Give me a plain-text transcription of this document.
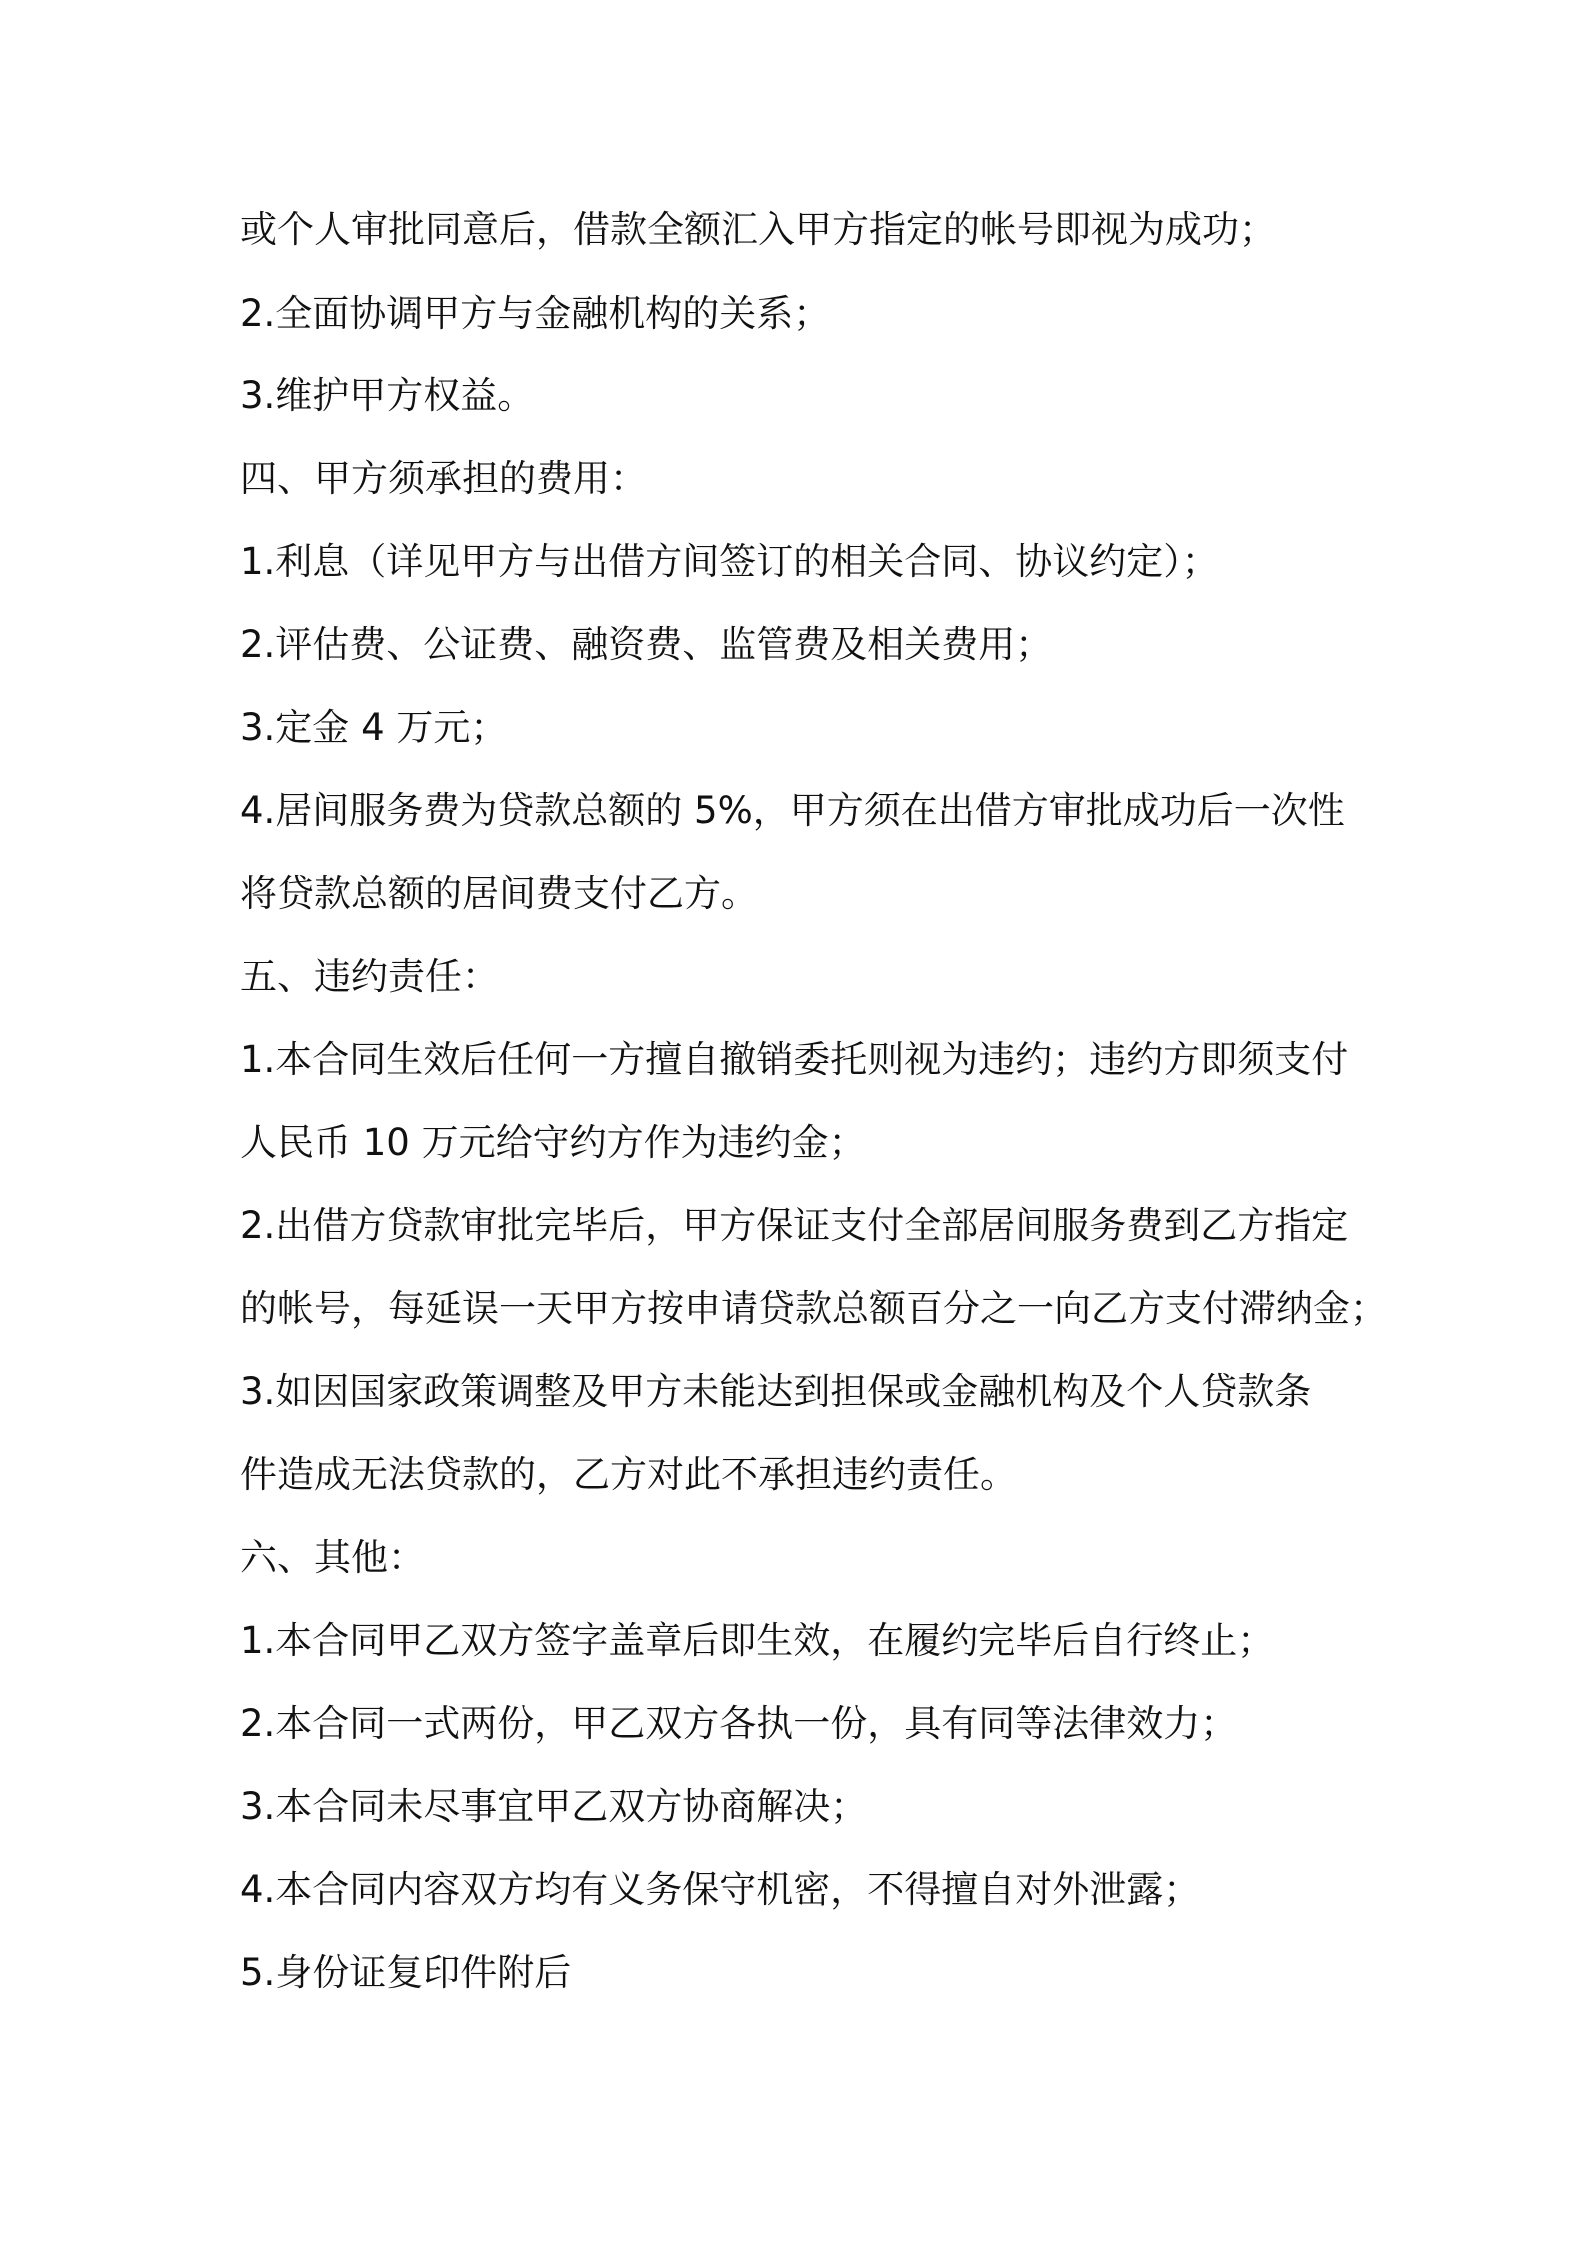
或个人审批同意后，借款全额汇入甲方指定的帐号即视为成功；

2.全面协调甲方与金融机构的关系；

3.维护甲方权益。

四、甲方须承担的费用：

1.利息（详见甲方与出借方间签订的相关合同、协议约定）；

2.评估费、公证费、融资费、监管费及相关费用；

3.定金 4 万元；

4.居间服务费为贷款总额的 5%，甲方须在出借方审批成功后一次性

将贷款总额的居间费支付乙方。

五、违约责任：

1.本合同生效后任何一方擅自撤销委托则视为违约；违约方即须支付

人民币 10 万元给守约方作为违约金；

2.出借方贷款审批完毕后，甲方保证支付全部居间服务费到乙方指定

的帐号，每延误一天甲方按申请贷款总额百分之一向乙方支付滞纳金；

3.如因国家政策调整及甲方未能达到担保或金融机构及个人贷款条

件造成无法贷款的，乙方对此不承担违约责任。

六、其他：

1.本合同甲乙双方签字盖章后即生效，在履约完毕后自行终止；

2.本合同一式两份，甲乙双方各执一份，具有同等法律效力；

3.本合同未尽事宜甲乙双方协商解决；

4.本合同内容双方均有义务保守机密，不得擅自对外泄露；

5.身份证复印件附后
